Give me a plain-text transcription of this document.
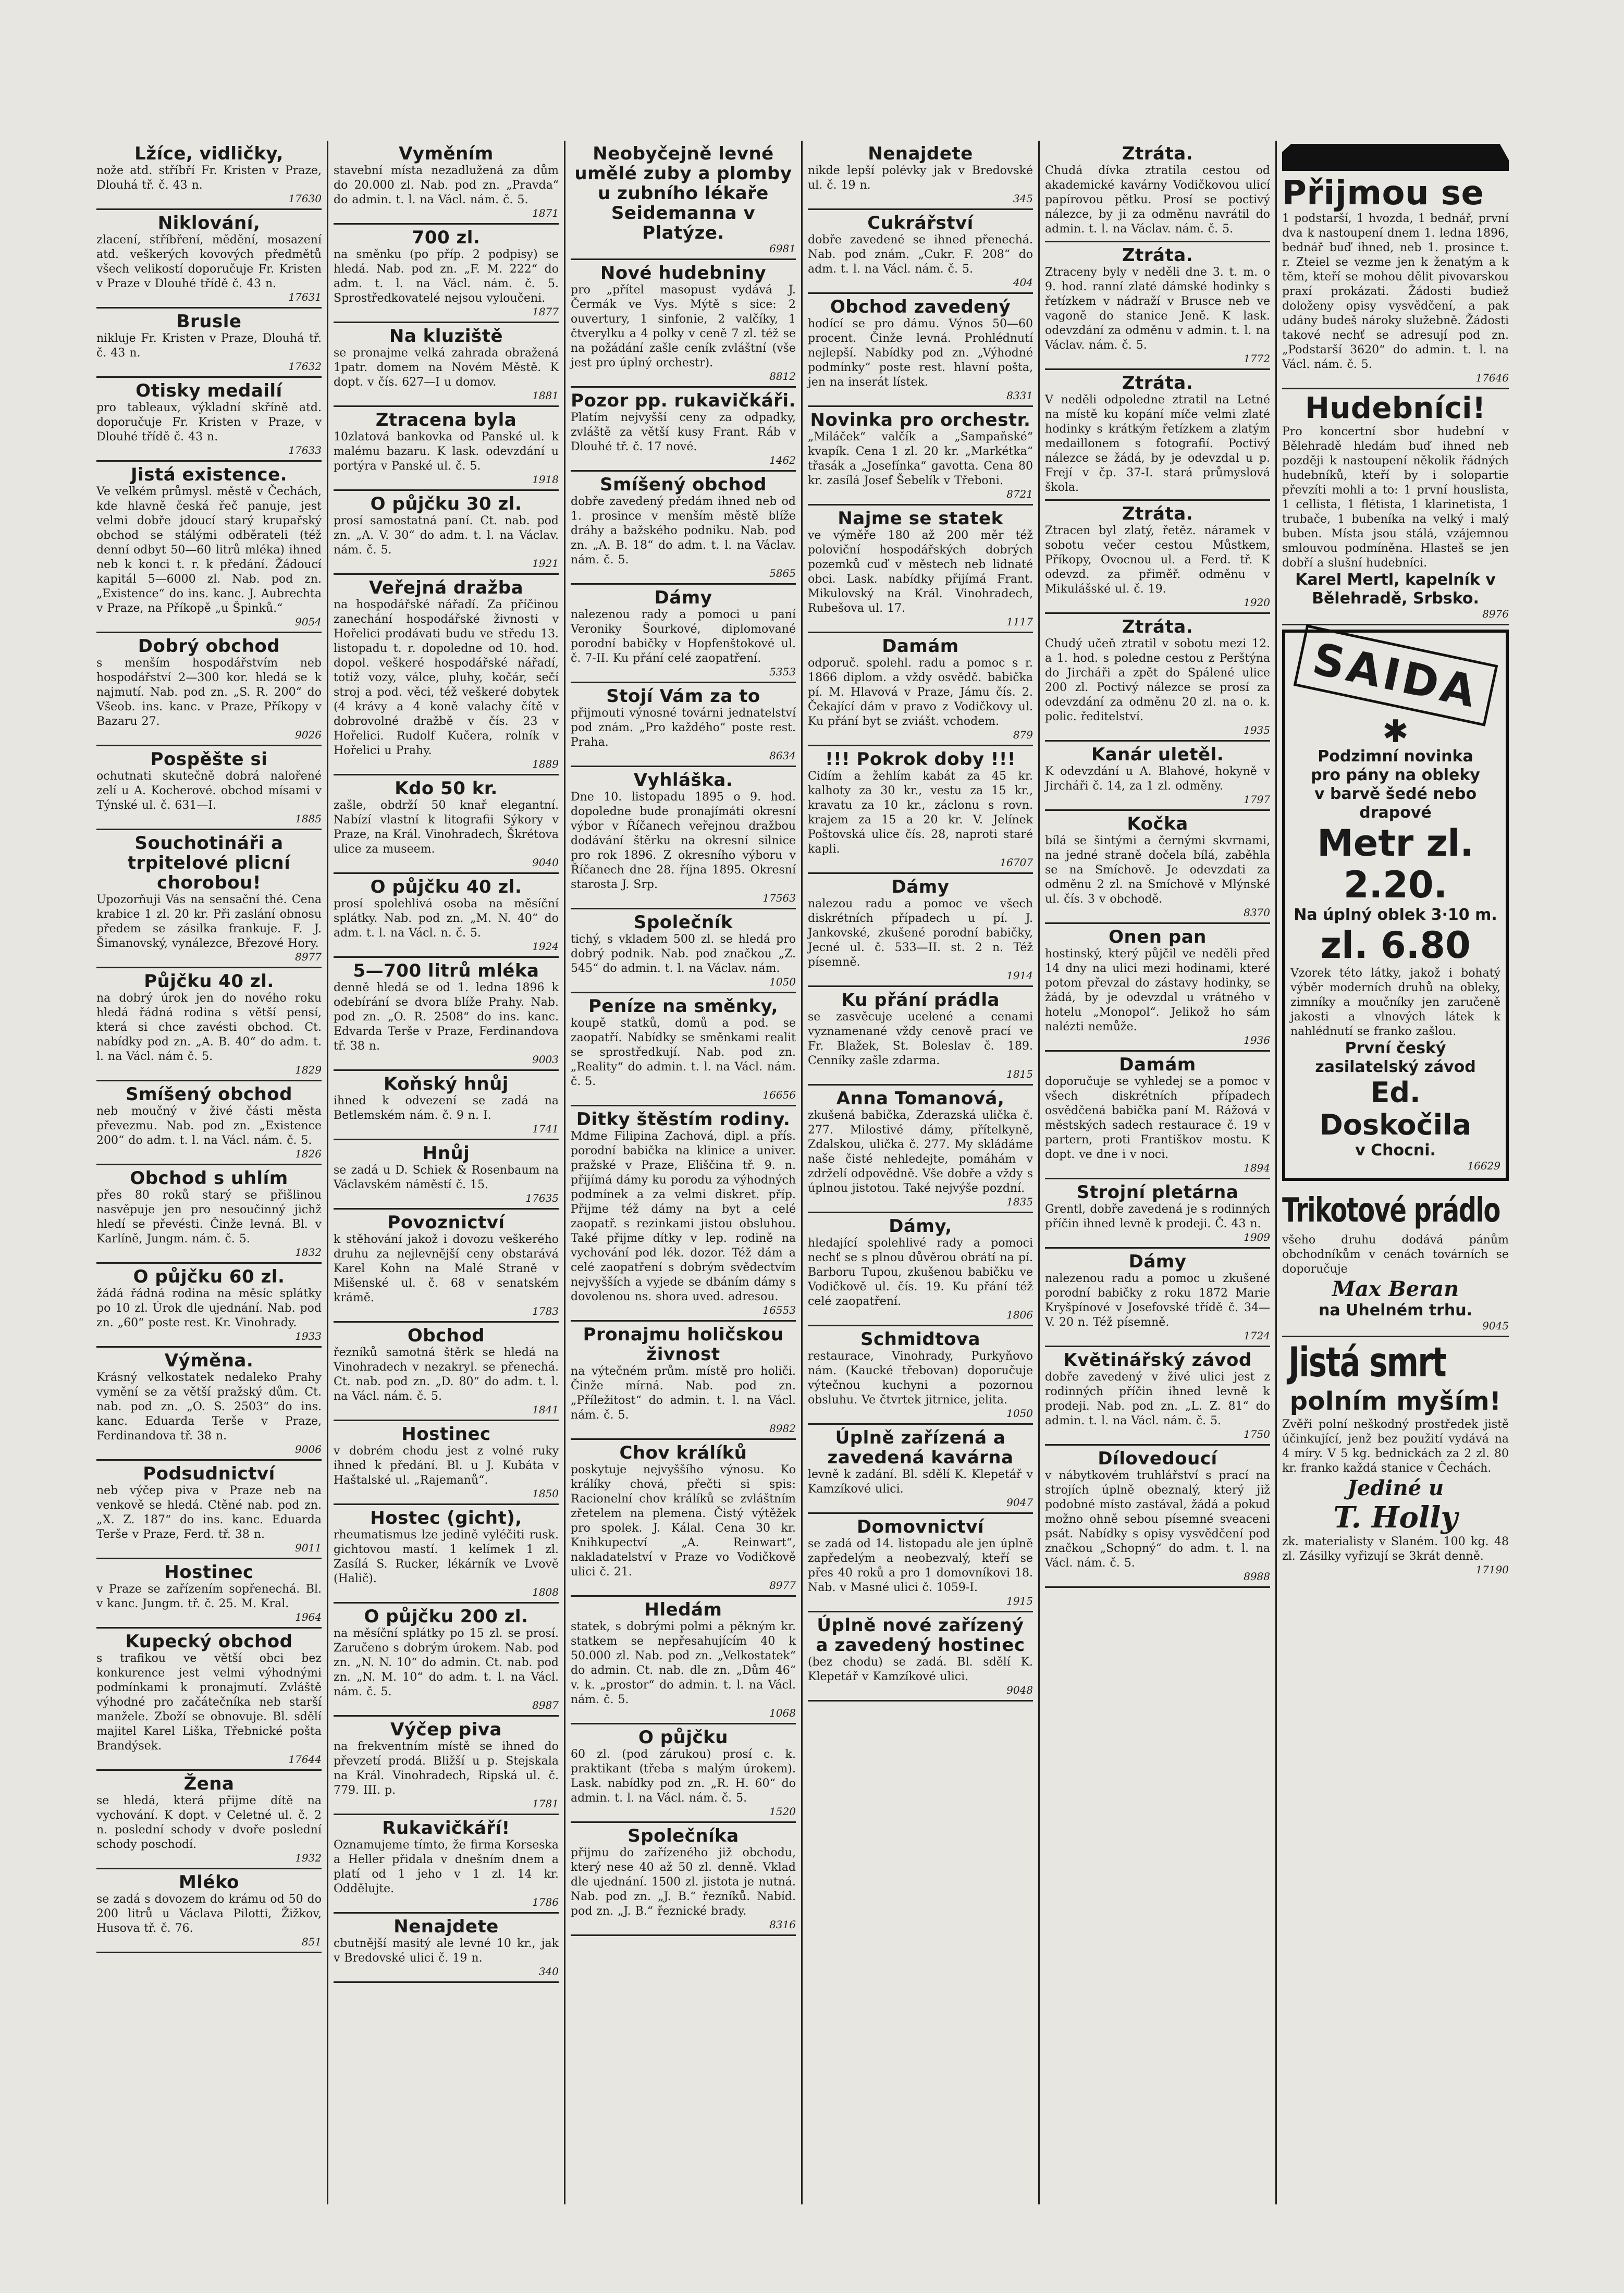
Lžíce, vidličky,
nože atd. stříbří Fr. Kristen v Praze, Dlouhá tř. č. 43 n.
17630
Niklování,
zlacení, stříbření, mědění, mosazení atd. veškerých kovových předmětů všech velikostí doporučuje Fr. Kristen v Praze v Dlouhé třídě č. 43 n.
17631
Brusle
nikluje Fr. Kristen v Praze, Dlouhá tř. č. 43 n.
17632
Otisky medailí
pro tableaux, výkladní skříně atd. doporučuje Fr. Kristen v Praze, v Dlouhé třídě č. 43 n.
17633
Jistá existence.
Ve velkém průmysl. městě v Čechách, kde hlavně česká řeč panuje, jest velmi dobře jdoucí starý krupařský obchod se stálými odběrateli (též denní odbyt 50—60 litrů mléka) ihned neb k konci t. r. k předání. Žádoucí kapitál 5—6000 zl. Nab. pod zn. „Existence“ do ins. kanc. J. Aubrechta v Praze, na Příkopě „u Špinků.“
9054
Dobrý obchod
s menším hospodářstvím neb hospodářství 2—300 kor. hledá se k najmutí. Nab. pod zn. „S. R. 200“ do Všeob. ins. kanc. v Praze, Příkopy v Bazaru 27.
9026
Pospěšte si
ochutnati skutečně dobrá nalořené zelí u A. Kocherové. obchod mísami v Týnské ul. č. 631—I.
1885
Souchotináři a trpitelové plicní chorobou!
Upozorňuji Vás na sensační thé. Cena krabice 1 zl. 20 kr. Při zaslání obnosu předem se zásilka frankuje. F. J. Šimanovský, vynálezce, Březové Hory.
8977
Půjčku 40 zl.
na dobrý úrok jen do nového roku hledá řádná rodina s větší pensí, která si chce zavésti obchod. Ct. nabídky pod zn. „A. B. 40“ do adm. t. l. na Václ. nám č. 5.
1829
Smíšený obchod
neb moučný v živé části města převezmu. Nab. pod zn. „Existence 200“ do adm. t. l. na Václ. nám. č. 5.
1826
Obchod s uhlím
přes 80 roků starý se přišlinou nasvěpuje jen pro nesoučinný jichž hledí se převésti. Činže levná. Bl. v Karlíně, Jungm. nám. č. 5.
1832
O půjčku 60 zl.
žádá řádná rodina na měsíc splátky po 10 zl. Úrok dle ujednání. Nab. pod zn. „60“ poste rest. Kr. Vinohrady.
1933
Výměna.
Krásný velkostatek nedaleko Prahy vymění se za větší pražský dům. Ct. nab. pod zn. „O. S. 2503“ do ins. kanc. Eduarda Terše v Praze, Ferdinandova tř. 38 n.
9006
Podsudnictví
neb výčep piva v Praze neb na venkově se hledá. Ctěné nab. pod zn. „X. Z. 187“ do ins. kanc. Eduarda Terše v Praze, Ferd. tř. 38 n.
9011
Hostinec
v Praze se zařízením sopřenechá. Bl. v kanc. Jungm. tř. č. 25. M. Kral.
1964
Kupecký obchod
s trafikou ve větší obci bez konkurence jest velmi výhodnými podmínkami k pronajmutí. Zvláště výhodné pro začátečníka neb starší manžele. Zboží se obnovuje. Bl. sdělí majitel Karel Liška, Třebnické pošta Brandýsek.
17644
Žena
se hledá, která přijme dítě na vychování. K dopt. v Celetné ul. č. 2 n. poslední schody v dvoře poslední schody poschodí.
1932
Mléko
se zadá s dovozem do krámu od 50 do 200 litrů u Václava Pilotti, Žižkov, Husova tř. č. 76.
851
Vyměním
stavební místa nezadlužená za dům do 20.000 zl. Nab. pod zn. „Pravda“ do admin. t. l. na Václ. nám. č. 5.
1871
700 zl.
na směnku (po příp. 2 podpisy) se hledá. Nab. pod zn. „F. M. 222“ do adm. t. l. na Václ. nám. č. 5. Sprostředkovatelé nejsou vyloučeni.
1877
Na kluziště
se pronajme velká zahrada obražená 1patr. domem na Novém Městě. K dopt. v čís. 627—I u domov.
1881
Ztracena byla
10zlatová bankovka od Panské ul. k malému bazaru. K lask. odevzdání u portýra v Panské ul. č. 5.
1918
O půjčku 30 zl.
prosí samostatná paní. Ct. nab. pod zn. „A. V. 30“ do adm. t. l. na Václav. nám. č. 5.
1921
Veřejná dražba
na hospodářské nářadí. Za příčinou zanechání hospodářské živnosti v Hořelici prodávati budu ve středu 13. listopadu t. r. dopoledne od 10. hod. dopol. veškeré hospodářské nářadí, totiž vozy, válce, pluhy, kočár, sečí stroj a pod. věci, též veškeré dobytek (4 krávy a 4 koně valachy čítě v dobrovolné dražbě v čís. 23 v Hořelici. Rudolf Kučera, rolník v Hořelici u Prahy.
1889
Kdo 50 kr.
zašle, obdrží 50 knař elegantní. Nabízí vlastní k litografii Sýkory v Praze, na Král. Vinohradech, Škrétova ulice za museem.
9040
O půjčku 40 zl.
prosí spolehlivá osoba na měsíční splátky. Nab. pod zn. „M. N. 40“ do adm. t. l. na Václ. n. č. 5.
1924
5—700 litrů mléka
denně hledá se od 1. ledna 1896 k odebírání se dvora blíže Prahy. Nab. pod zn. „O. R. 2508“ do ins. kanc. Edvarda Terše v Praze, Ferdinandova tř. 38 n.
9003
Koňský hnůj
ihned k odvezení se zadá na Betlemském nám. č. 9 n. I.
1741
Hnůj
se zadá u D. Schiek & Rosenbaum na Václavském náměstí č. 15.
17635
Povoznictví
k stěhování jakož i dovozu veškerého druhu za nejlevnější ceny obstarává Karel Kohn na Malé Straně v Mišenské ul. č. 68 v senatském krámě.
1783
Obchod
řezníků samotná štěrk se hledá na Vinohradech v nezakryl. se přenechá. Ct. nab. pod zn. „D. 80“ do adm. t. l. na Václ. nám. č. 5.
1841
Hostinec
v dobrém chodu jest z volné ruky ihned k předání. Bl. u J. Kubáta v Haštalské ul. „Rajemanů“.
1850
Hostec (gicht),
rheumatismus lze jedině vyléčiti rusk. gichtovou mastí. 1 kelímek 1 zl. Zasílá S. Rucker, lékárník ve Lvově (Halič).
1808
O půjčku 200 zl.
na měsíční splátky po 15 zl. se prosí. Zaručeno s dobrým úrokem. Nab. pod zn. „N. N. 10“ do admin. Ct. nab. pod zn. „N. M. 10“ do adm. t. l. na Václ. nám. č. 5.
8987
Výčep piva
na frekventním místě se ihned do převzetí prodá. Bližší u p. Stejskala na Král. Vinohradech, Ripská ul. č. 779. III. p.
1781
Rukavičkáří!
Oznamujeme tímto, že firma Korseska a Heller přidala v dnešním dnem a platí od 1 jeho v 1 zl. 14 kr. Oddělujte.
1786
Nenajdete
cbutnější masitý ale levné 10 kr., jak v Bredovské ulici č. 19 n.
340
Neobyčejně levné umělé zuby a plomby u zubního lékaře Seidemanna v Platýze.
6981
Nové hudebniny
pro „přítel masopust vydává J. Čermák ve Vys. Mýtě s sice: 2 ouvertury, 1 sinfonie, 2 valčíky, 1 čtverylku a 4 polky v ceně 7 zl. též se na požádání zašle ceník zvláštní (vše jest pro úplný orchestr).
8812
Pozor pp. rukavičkáři.
Platím nejvyšší ceny za odpadky, zvláště za větší kusy Frant. Ráb v Dlouhé tř. č. 17 nové.
1462
Smíšený obchod
dobře zavedený předám ihned neb od 1. prosince v menším městě blíže dráhy a bažského podniku. Nab. pod zn. „A. B. 18“ do adm. t. l. na Václav. nám. č. 5.
5865
Dámy
nalezenou rady a pomoci u paní Veroniky Šourkové, diplomované porodní babičky v Hopfenštokové ul. č. 7-II. Ku přání celé zaopatření.
5353
Stojí Vám za to
přijmouti výnosné továrni jednatelství pod znám. „Pro každého“ poste rest. Praha.
8634
Vyhláška.
Dne 10. listopadu 1895 o 9. hod. dopoledne bude pronajímáti okresní výbor v Říčanech veřejnou dražbou dodávání štěrku na okresní silnice pro rok 1896. Z okresního výboru v Říčanech dne 28. října 1895. Okresní starosta J. Srp.
17563
Společník
tichý, s vkladem 500 zl. se hledá pro dobrý podnik. Nab. pod značkou „Z. 545“ do admin. t. l. na Václav. nám.
1050
Peníze na směnky,
koupě statků, domů a pod. se zaopatří. Nabídky se směnkami realit se sprostředkují. Nab. pod zn. „Reality“ do admin. t. l. na Václ. nám. č. 5.
16656
Ditky štěstím rodiny.
Mdme Filipina Zachová, dipl. a přís. porodní babička na klinice a univer. pražské v Praze, Eliščina tř. 9. n. přijímá dámy ku porodu za výhodných podmínek a za velmi diskret. příp. Přijme též dámy na byt a celé zaopatř. s rezinkami jistou obsluhou. Také přijme dítky v lep. rodině na vychování pod lék. dozor. Též dám a celé zaopatření s dobrým svědectvím nejvyšších a vyjede se dbáním dámy s dovolenou ns. shora uved. adresou.
16553
Pronajmu holičskou živnost
na výtečném prům. místě pro holiči. Činže mírná. Nab. pod zn. „Příležitost“ do admin. t. l. na Václ. nám. č. 5.
8982
Chov králíků
poskytuje nejvyššího výnosu. Ko králíky chová, přečti si spis: Racionelní chov králíků se zvláštním zřetelem na plemena. Čistý výtěžek pro spolek. J. Kálal. Cena 30 kr. Knihkupectví „A. Reinwart“, nakladatelství v Praze vo Vodičkově ulici č. 21.
8977
Hledám
statek, s dobrými polmi a pěkným kr. statkem se nepřesahujícím 40 k 50.000 zl. Nab. pod zn. „Velkostatek“ do admin. Ct. nab. dle zn. „Dům 46“ v. k. „prostor“ do admin. t. l. na Václ. nám. č. 5.
1068
O půjčku
60 zl. (pod zárukou) prosí c. k. praktikant (třeba s malým úrokem). Lask. nabídky pod zn. „R. H. 60“ do admin. t. l. na Václ. nám. č. 5.
1520
Společníka
přijmu do zařízeného již obchodu, který nese 40 až 50 zl. denně. Vklad dle ujednání. 1500 zl. jistota je nutná. Nab. pod zn. „J. B.“ řezníků. Nabíd. pod zn. „J. B.“ řeznické brady.
8316
Nenajdete
nikde lepší polévky jak v Bredovské ul. č. 19 n.
345
Cukrářství
dobře zavedené se ihned přenechá. Nab. pod znám. „Cukr. F. 208“ do adm. t. l. na Václ. nám. č. 5.
404
Obchod zavedený
hodící se pro dámu. Výnos 50—60 procent. Činže levná. Prohlédnutí nejlepší. Nabídky pod zn. „Výhodné podmínky“ poste rest. hlavní pošta, jen na inserát lístek.
8331
Novinka pro orchestr.
„Miláček“ valčík a „Sampaňské“ kvapík. Cena 1 zl. 20 kr. „Markétka“ třasák a „Josefínka“ gavotta. Cena 80 kr. zasílá Josef Šebelík v Třeboni.
8721
Najme se statek
ve výměře 180 až 200 měr též poloviční hospodářských dobrých pozemků cuď v městech neb lidnaté obci. Lask. nabídky přijímá Frant. Mikulovský na Král. Vinohradech, Rubešova ul. 17.
1117
Damám
odporuč. spolehl. radu a pomoc s r. 1866 diplom. a vždy osvědč. babička pí. M. Hlavová v Praze, Jámu čís. 2. Čekající dám v pravo z Vodičkovy ul. Ku přání byt se zviášt. vchodem.
879
!!! Pokrok doby !!!
Cidím a žehlím kabát za 45 kr. kalhoty za 30 kr., vestu za 15 kr., kravatu za 10 kr., záclonu s rovn. krajem za 15 a 20 kr. V. Jelínek Poštovská ulice čís. 28, naproti staré kapli.
16707
Dámy
nalezou radu a pomoc ve všech diskrétních případech u pí. J. Jankovské, zkušené porodní babičky, Jecné ul. č. 533—II. st. 2 n. Též písemně.
1914
Ku přání prádla
se zasvěcuje ucelené a cenami vyznamenané vždy cenově prací ve Fr. Blažek, St. Boleslav č. 189. Cenníky zašle zdarma.
1815
Anna Tomanová,
zkušená babička, Zderazská ulička č. 277. Milostivé dámy, přítelkyně, Zdalskou, ulička č. 277. My skládáme naše čisté nehledejte, pomáhám v zdrželí odpovědně. Vše dobře a vždy s úplnou jistotou. Také nejvýše pozdní.
1835
Dámy,
hledající spolehlivé rady a pomoci nechť se s plnou důvěrou obrátí na pí. Barboru Tupou, zkušenou babičku ve Vodičkově ul. čís. 19. Ku přání též celé zaopatření.
1806
Schmidtova
restaurace, Vinohrady, Purkyňovo nám. (Kaucké třebovan) doporučuje výtečnou kuchyni a pozornou obsluhu. Ve čtvrtek jitrnice, jelita.
1050
Úplně zařízená a zavedená kavárna
levně k zadání. Bl. sdělí K. Klepetář v Kamzíkové ulici.
9047
Domovnictví
se zadá od 14. listopadu ale jen úplně zapředelým a neobezvalý, kteří se přes 40 roků a pro 1 domovníkovi 18. Nab. v Masné ulici č. 1059-I.
1915
Úplně nové zařízený a zavedený hostinec
(bez chodu) se zadá. Bl. sdělí K. Klepetář v Kamzíkové ulici.
9048
Ztráta.
Chudá dívka ztratila cestou od akademické kavárny Vodičkovou ulicí papírovou pětku. Prosí se poctivý nálezce, by ji za odměnu navrátil do admin. t. l. na Václav. nám. č. 5.
Ztráta.
Ztraceny byly v neděli dne 3. t. m. o 9. hod. ranní zlaté dámské hodinky s řetízkem v nádraží v Brusce neb ve vagoně do stanice Jeně. K lask. odevzdání za odměnu v admin. t. l. na Václav. nám. č. 5.
1772
Ztráta.
V neděli odpoledne ztratil na Letné na místě ku kopání míče velmi zlaté hodinky s krátkým řetízkem a zlatým medaillonem s fotografií. Poctivý nálezce se žádá, by je odevzdal u p. Frejí v čp. 37-I. stará průmyslová škola.
Ztráta.
Ztracen byl zlatý, řetěz. náramek v sobotu večer cestou Můstkem, Příkopy, Ovocnou ul. a Ferd. tř. K odevzd. za přiměř. odměnu v Mikulášské ul. č. 19.
1920
Ztráta.
Chudý učeň ztratil v sobotu mezi 12. a 1. hod. s poledne cestou z Perštýna do Jircháři a zpět do Spálené ulice 200 zl. Poctivý nálezce se prosí za odevzdání za odměnu 20 zl. na o. k. polic. ředitelství.
1935
Kanár uletěl.
K odevzdání u A. Blahové, hokyně v Jircháři č. 14, za 1 zl. odměny.
1797
Kočka
bílá se šintými a černými skvrnami, na jedné straně dočela bílá, zaběhla se na Smíchově. Je odevzdati za odměnu 2 zl. na Smíchově v Mlýnské ul. čís. 3 v obchodě.
8370
Onen pan
hostinský, který půjčil ve neděli před 14 dny na ulici mezi hodinami, které potom převzal do zástavy hodinky, se žádá, by je odevzdal u vrátného v hotelu „Monopol“. Jelikož ho sám nalézti nemůže.
1936
Damám
doporučuje se vyhledej se a pomoc v všech diskrétních případech osvědčená babička paní M. Rážová v městských sadech restaurace č. 19 v partern, proti Františkov mostu. K dopt. ve dne i v noci.
1894
Strojní pletárna
Grentl, dobře zavedená je s rodinných příčin ihned levně k prodeji. Č. 43 n.
1909
Dámy
nalezenou radu a pomoc u zkušené porodní babičky z roku 1872 Marie Kryšpínové v Josefovské třídě č. 34—V. 20 n. Též písemně.
1724
Květinářský závod
dobře zavedený v živé ulici jest z rodinných příčin ihned levně k prodeji. Nab. pod zn. „L. Z. 81“ do admin. t. l. na Václ. nám. č. 5.
1750
Dílovedoucí
v nábytkovém truhlářství s prací na strojích úplně obeznalý, který již podobné místo zastával, žádá a pokud možno ohně sebou písemné sveaceni psát. Nabídky s opisy vysvědčení pod značkou „Schopný“ do adm. t. l. na Václ. nám. č. 5.
8988
Přijmou se
1 podstarší, 1 hvozda, 1 bednář, první dva k nastoupení dnem 1. ledna 1896, bednář buď ihned, neb 1. prosince t. r. Zteiel se vezme jen k ženatým a k těm, kteří se mohou dělit pivovarskou praxí prokázati. Žádosti budiež doloženy opisy vysvědčení, a pak udány budeš nároky služebně. Žádosti takové nechť se adresují pod zn. „Podstarší 3620“ do admin. t. l. na Václ. nám. č. 5.
17646
Hudebníci!
Pro koncertní sbor hudební v Bělehradě hledám buď ihned neb později k nastoupení několik řádných hudebníků, kteří by i solopartie převzíti mohli a to: 1 první houslista, 1 cellista, 1 flétista, 1 klarinetista, 1 trubače, 1 bubeníka na velký i malý buben. Místa jsou stálá, vzájemnou smlouvou podmíněna. Hlasteš se jen dobří a slušní hudebníci.
Karel Mertl, kapelník v Bělehradě, Srbsko.
8976
SAIDA
✱
Podzimní novinka
pro pány na obleky
v barvě šedé nebo drapové
Metr zl. 2.20.
Na úplný oblek 3·10 m.
zl. 6.80
Vzorek této látky, jakož i bohatý výběr moderních druhů na obleky, zimníky a moučníky jen zaručeně jakosti a vlnových látek k nahlédnutí se franko zašlou.
První český zasilatelský závod
Ed. Doskočila
v Chocni.
16629
Trikotové prádlo
všeho druhu dodává pánům obchodníkům v cenách továrních se doporučuje
Max Beran
na Uhelném trhu.
9045
Jistá smrt
polním myším!
Zvěři polní neškodný prostředek jistě účinkující, jenž bez použití vydává na 4 míry. V 5 kg. bednickách za 2 zl. 80 kr. franko každá stanice v Čechách.
Jediné u
T. Holly
zk. materialisty v Slaném. 100 kg. 48 zl. Zásilky vyřizují se 3krát denně.
17190
